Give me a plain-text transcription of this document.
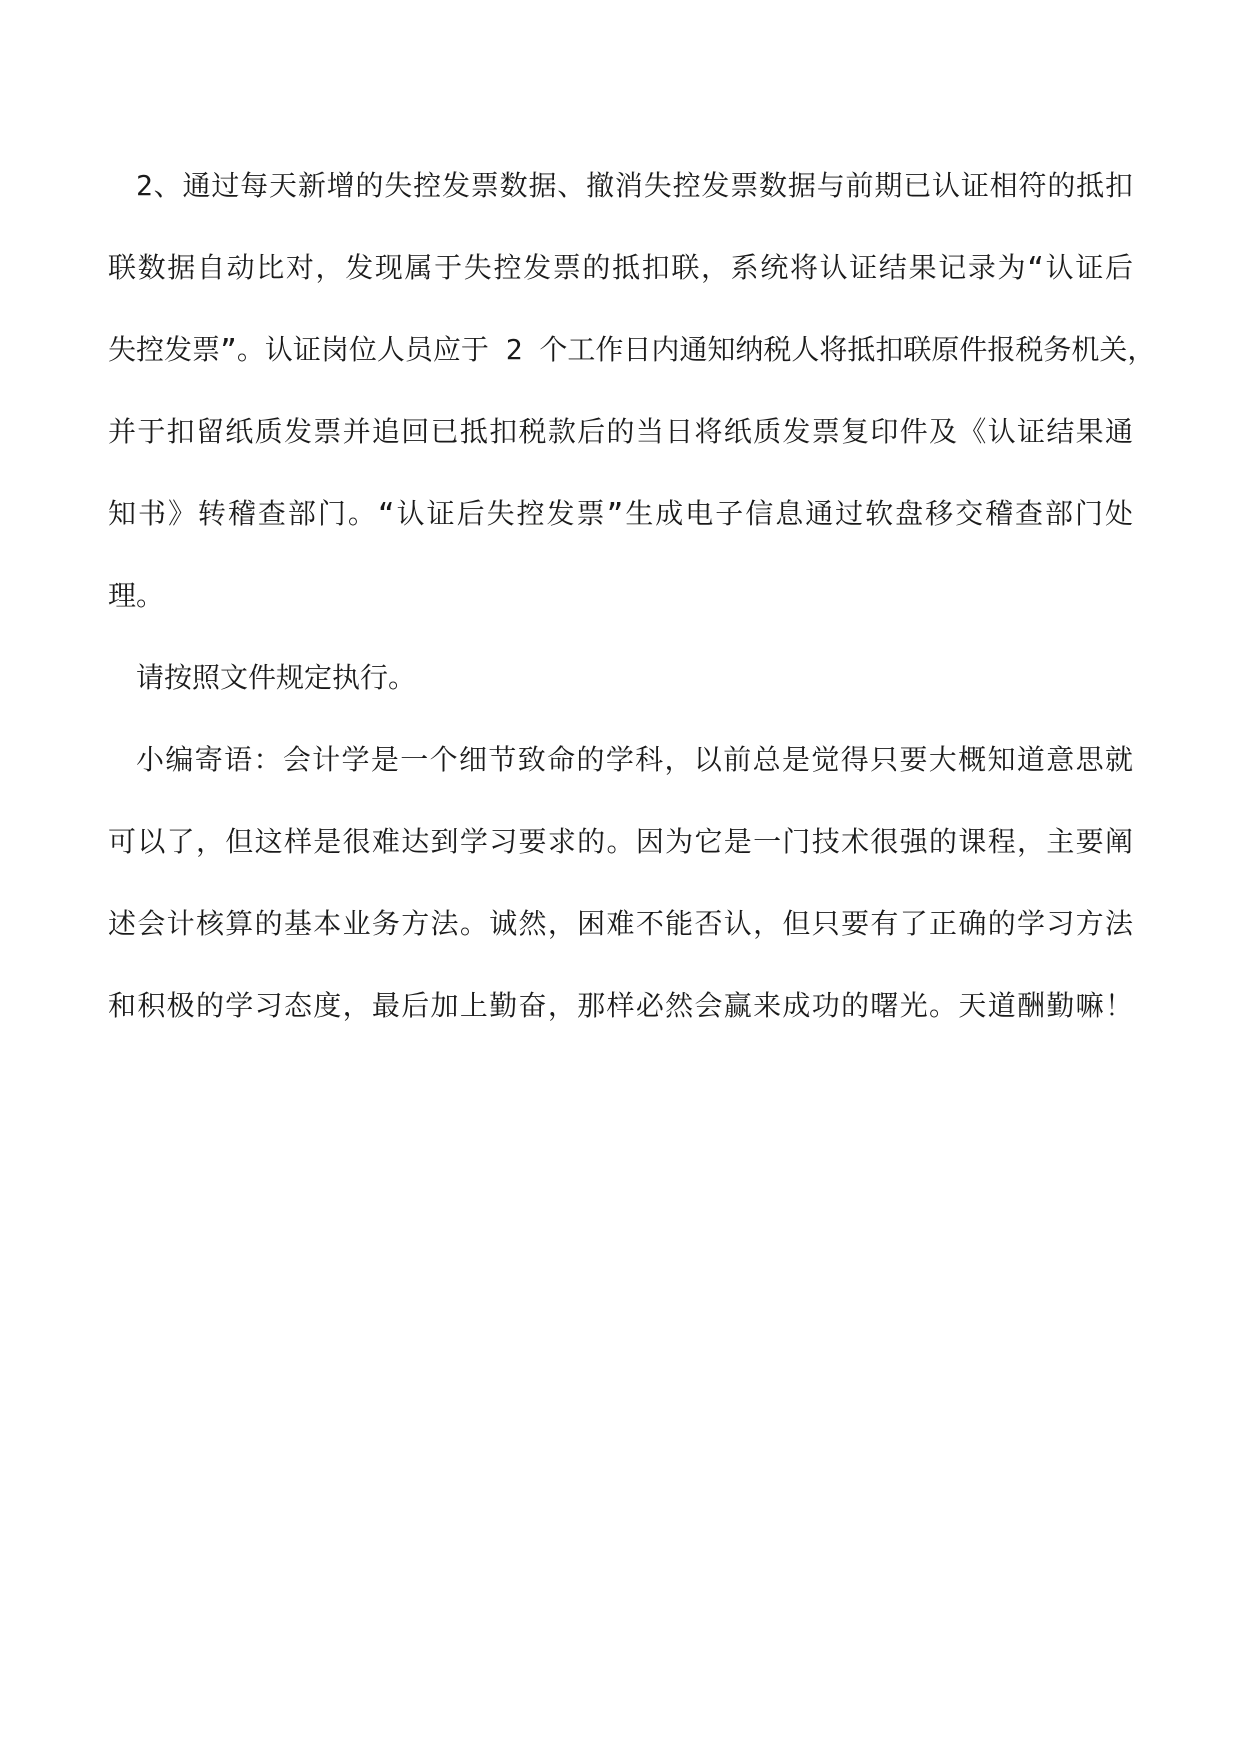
2、通过每天新增的失控发票数据、撤消失控发票数据与前期已认证相符的抵扣
联数据自动比对，发现属于失控发票的抵扣联，系统将认证结果记录为“认证后
失控发票”。认证岗位人员应于 2 个工作日内通知纳税人将抵扣联原件报税务机关，
并于扣留纸质发票并追回已抵扣税款后的当日将纸质发票复印件及《认证结果通
知书》转稽查部门。“认证后失控发票”生成电子信息通过软盘移交稽查部门处
理。
请按照文件规定执行。
小编寄语：会计学是一个细节致命的学科，以前总是觉得只要大概知道意思就
可以了，但这样是很难达到学习要求的。因为它是一门技术很强的课程，主要阐
述会计核算的基本业务方法。诚然，困难不能否认，但只要有了正确的学习方法
和积极的学习态度，最后加上勤奋，那样必然会赢来成功的曙光。天道酬勤嘛！
